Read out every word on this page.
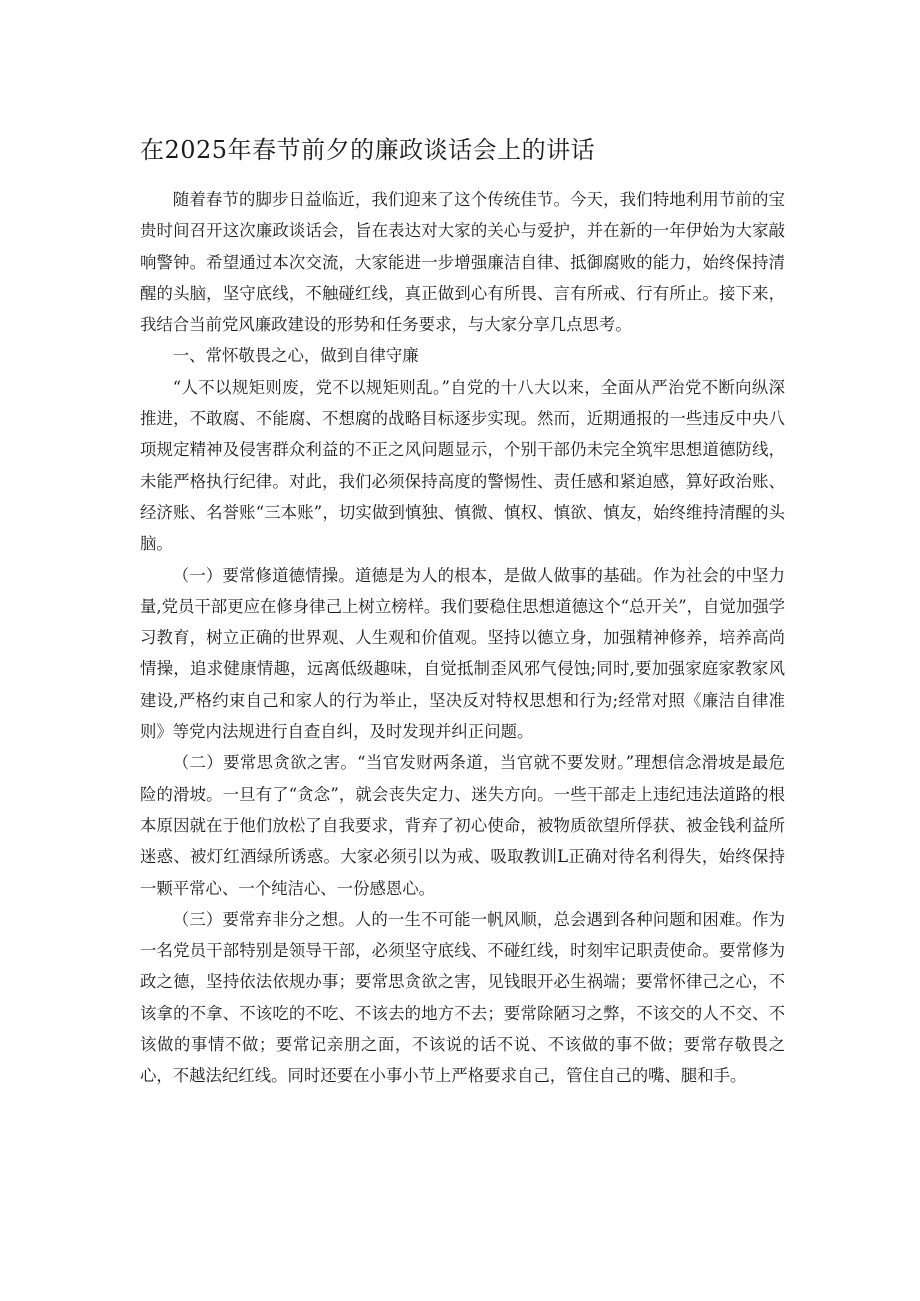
在2025年春节前夕的廉政谈话会上的讲话

随着春节的脚步日益临近，我们迎来了这个传统佳节。今天，我们特地利用节前的宝贵时间召开这次廉政谈话会，旨在表达对大家的关心与爱护，并在新的一年伊始为大家敲响警钟。希望通过本次交流，大家能进一步增强廉洁自律、抵御腐败的能力，始终保持清醒的头脑，坚守底线，不触碰红线，真正做到心有所畏、言有所戒、行有所止。接下来，我结合当前党风廉政建设的形势和任务要求，与大家分享几点思考。

一、常怀敬畏之心，做到自律守廉

“人不以规矩则废，党不以规矩则乱。”自党的十八大以来，全面从严治党不断向纵深推进，不敢腐、不能腐、不想腐的战略目标逐步实现。然而，近期通报的一些违反中央八项规定精神及侵害群众利益的不正之风问题显示，个别干部仍未完全筑牢思想道德防线，未能严格执行纪律。对此，我们必须保持高度的警惕性、责任感和紧迫感，算好政治账、经济账、名誉账“三本账”，切实做到慎独、慎微、慎权、慎欲、慎友，始终维持清醒的头脑。

（一）要常修道德情操。道德是为人的根本，是做人做事的基础。作为社会的中坚力量,党员干部更应在修身律己上树立榜样。我们要稳住思想道德这个“总开关”，自觉加强学习教育，树立正确的世界观、人生观和价值观。坚持以德立身，加强精神修养，培养高尚情操，追求健康情趣，远离低级趣味，自觉抵制歪风邪气侵蚀;同时,要加强家庭家教家风建设,严格约束自己和家人的行为举止，坚决反对特权思想和行为;经常对照《廉洁自律准则》等党内法规进行自查自纠，及时发现并纠正问题。

（二）要常思贪欲之害。“当官发财两条道，当官就不要发财。”理想信念滑坡是最危险的滑坡。一旦有了“贪念”，就会丧失定力、迷失方向。一些干部走上违纪违法道路的根本原因就在于他们放松了自我要求，背弃了初心使命，被物质欲望所俘获、被金钱利益所迷惑、被灯红酒绿所诱惑。大家必须引以为戒、吸取教训L正确对待名利得失，始终保持一颗平常心、一个纯洁心、一份感恩心。

（三）要常弃非分之想。人的一生不可能一帆风顺，总会遇到各种问题和困难。作为一名党员干部特别是领导干部，必须坚守底线、不碰红线，时刻牢记职责使命。要常修为政之德，坚持依法依规办事；要常思贪欲之害，见钱眼开必生祸端；要常怀律己之心，不该拿的不拿、不该吃的不吃、不该去的地方不去；要常除陋习之弊，不该交的人不交、不该做的事情不做；要常记亲朋之面，不该说的话不说、不该做的事不做；要常存敬畏之心，不越法纪红线。同时还要在小事小节上严格要求自己，管住自己的嘴、腿和手。
